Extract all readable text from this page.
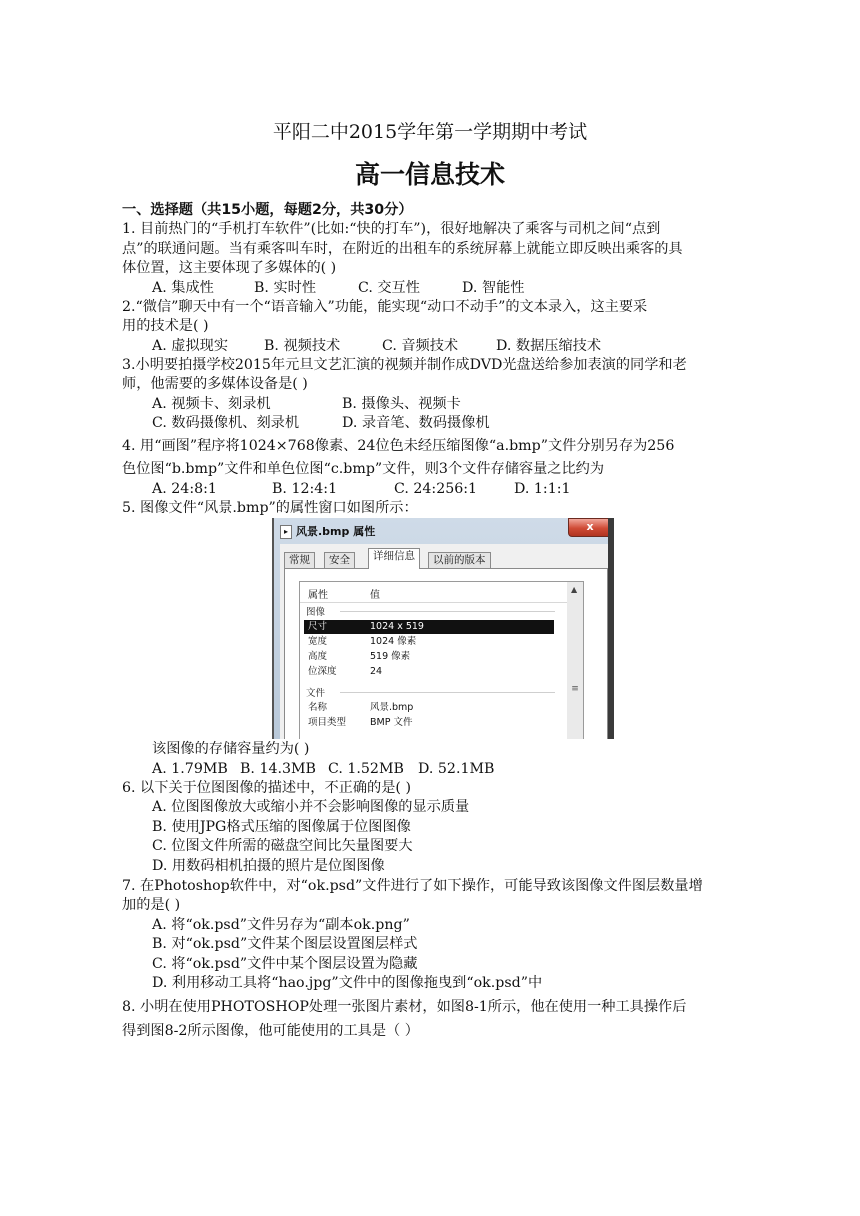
平阳二中2015学年第一学期期中考试
高一信息技术
一、选择题（共15小题，每题2分，共30分）
1. 目前热门的“手机打车软件”(比如:“快的打车”)，很好地解决了乘客与司机之间“点到
点”的联通问题。当有乘客叫车时，在附近的出租车的系统屏幕上就能立即反映出乘客的具
体位置，这主要体现了多媒体的( )
A. 集成性	B. 实时性	C. 交互性	D. 智能性
2.“微信”聊天中有一个“语音输入”功能，能实现“动口不动手”的文本录入，这主要采
用的技术是( )
A. 虚拟现实	B. 视频技术	C. 音频技术	D. 数据压缩技术
3.小明要拍摄学校2015年元旦文艺汇演的视频并制作成DVD光盘送给参加表演的同学和老
师，他需要的多媒体设备是( )
A. 视频卡、刻录机	B. 摄像头、视频卡
C. 数码摄像机、刻录机	D. 录音笔、数码摄像机
4. 用“画图”程序将1024×768像素、24位色未经压缩图像“a.bmp”文件分别另存为256
色位图“b.bmp”文件和单色位图“c.bmp”文件，则3个文件存储容量之比约为
A. 24:8:1	B. 12:4:1	C. 24:256:1	D. 1:1:1
5. 图像文件“风景.bmp”的属性窗口如图所示：
▸ 风景.bmp 属性	x
常规	安全	详细信息	以前的版本
属性	值
图像
尺寸	1024 x 519
宽度	1024 像素
高度	519 像素
位深度	24
文件
名称	风景.bmp
项目类型	BMP 文件
▲
≡
该图像的存储容量约为( )
A. 1.79MB B. 14.3MB C. 1.52MB D. 52.1MB
6. 以下关于位图图像的描述中，不正确的是( )
A. 位图图像放大或缩小并不会影响图像的显示质量
B. 使用JPG格式压缩的图像属于位图图像
C. 位图文件所需的磁盘空间比矢量图要大
D. 用数码相机拍摄的照片是位图图像
7. 在Photoshop软件中，对“ok.psd”文件进行了如下操作，可能导致该图像文件图层数量增
加的是( )
A. 将“ok.psd”文件另存为“副本ok.png”
B. 对“ok.psd”文件某个图层设置图层样式
C. 将“ok.psd”文件中某个图层设置为隐藏
D. 利用移动工具将“hao.jpg”文件中的图像拖曳到“ok.psd”中
8. 小明在使用PHOTOSHOP处理一张图片素材，如图8-1所示，他在使用一种工具操作后
得到图8-2所示图像，他可能使用的工具是（ ）
